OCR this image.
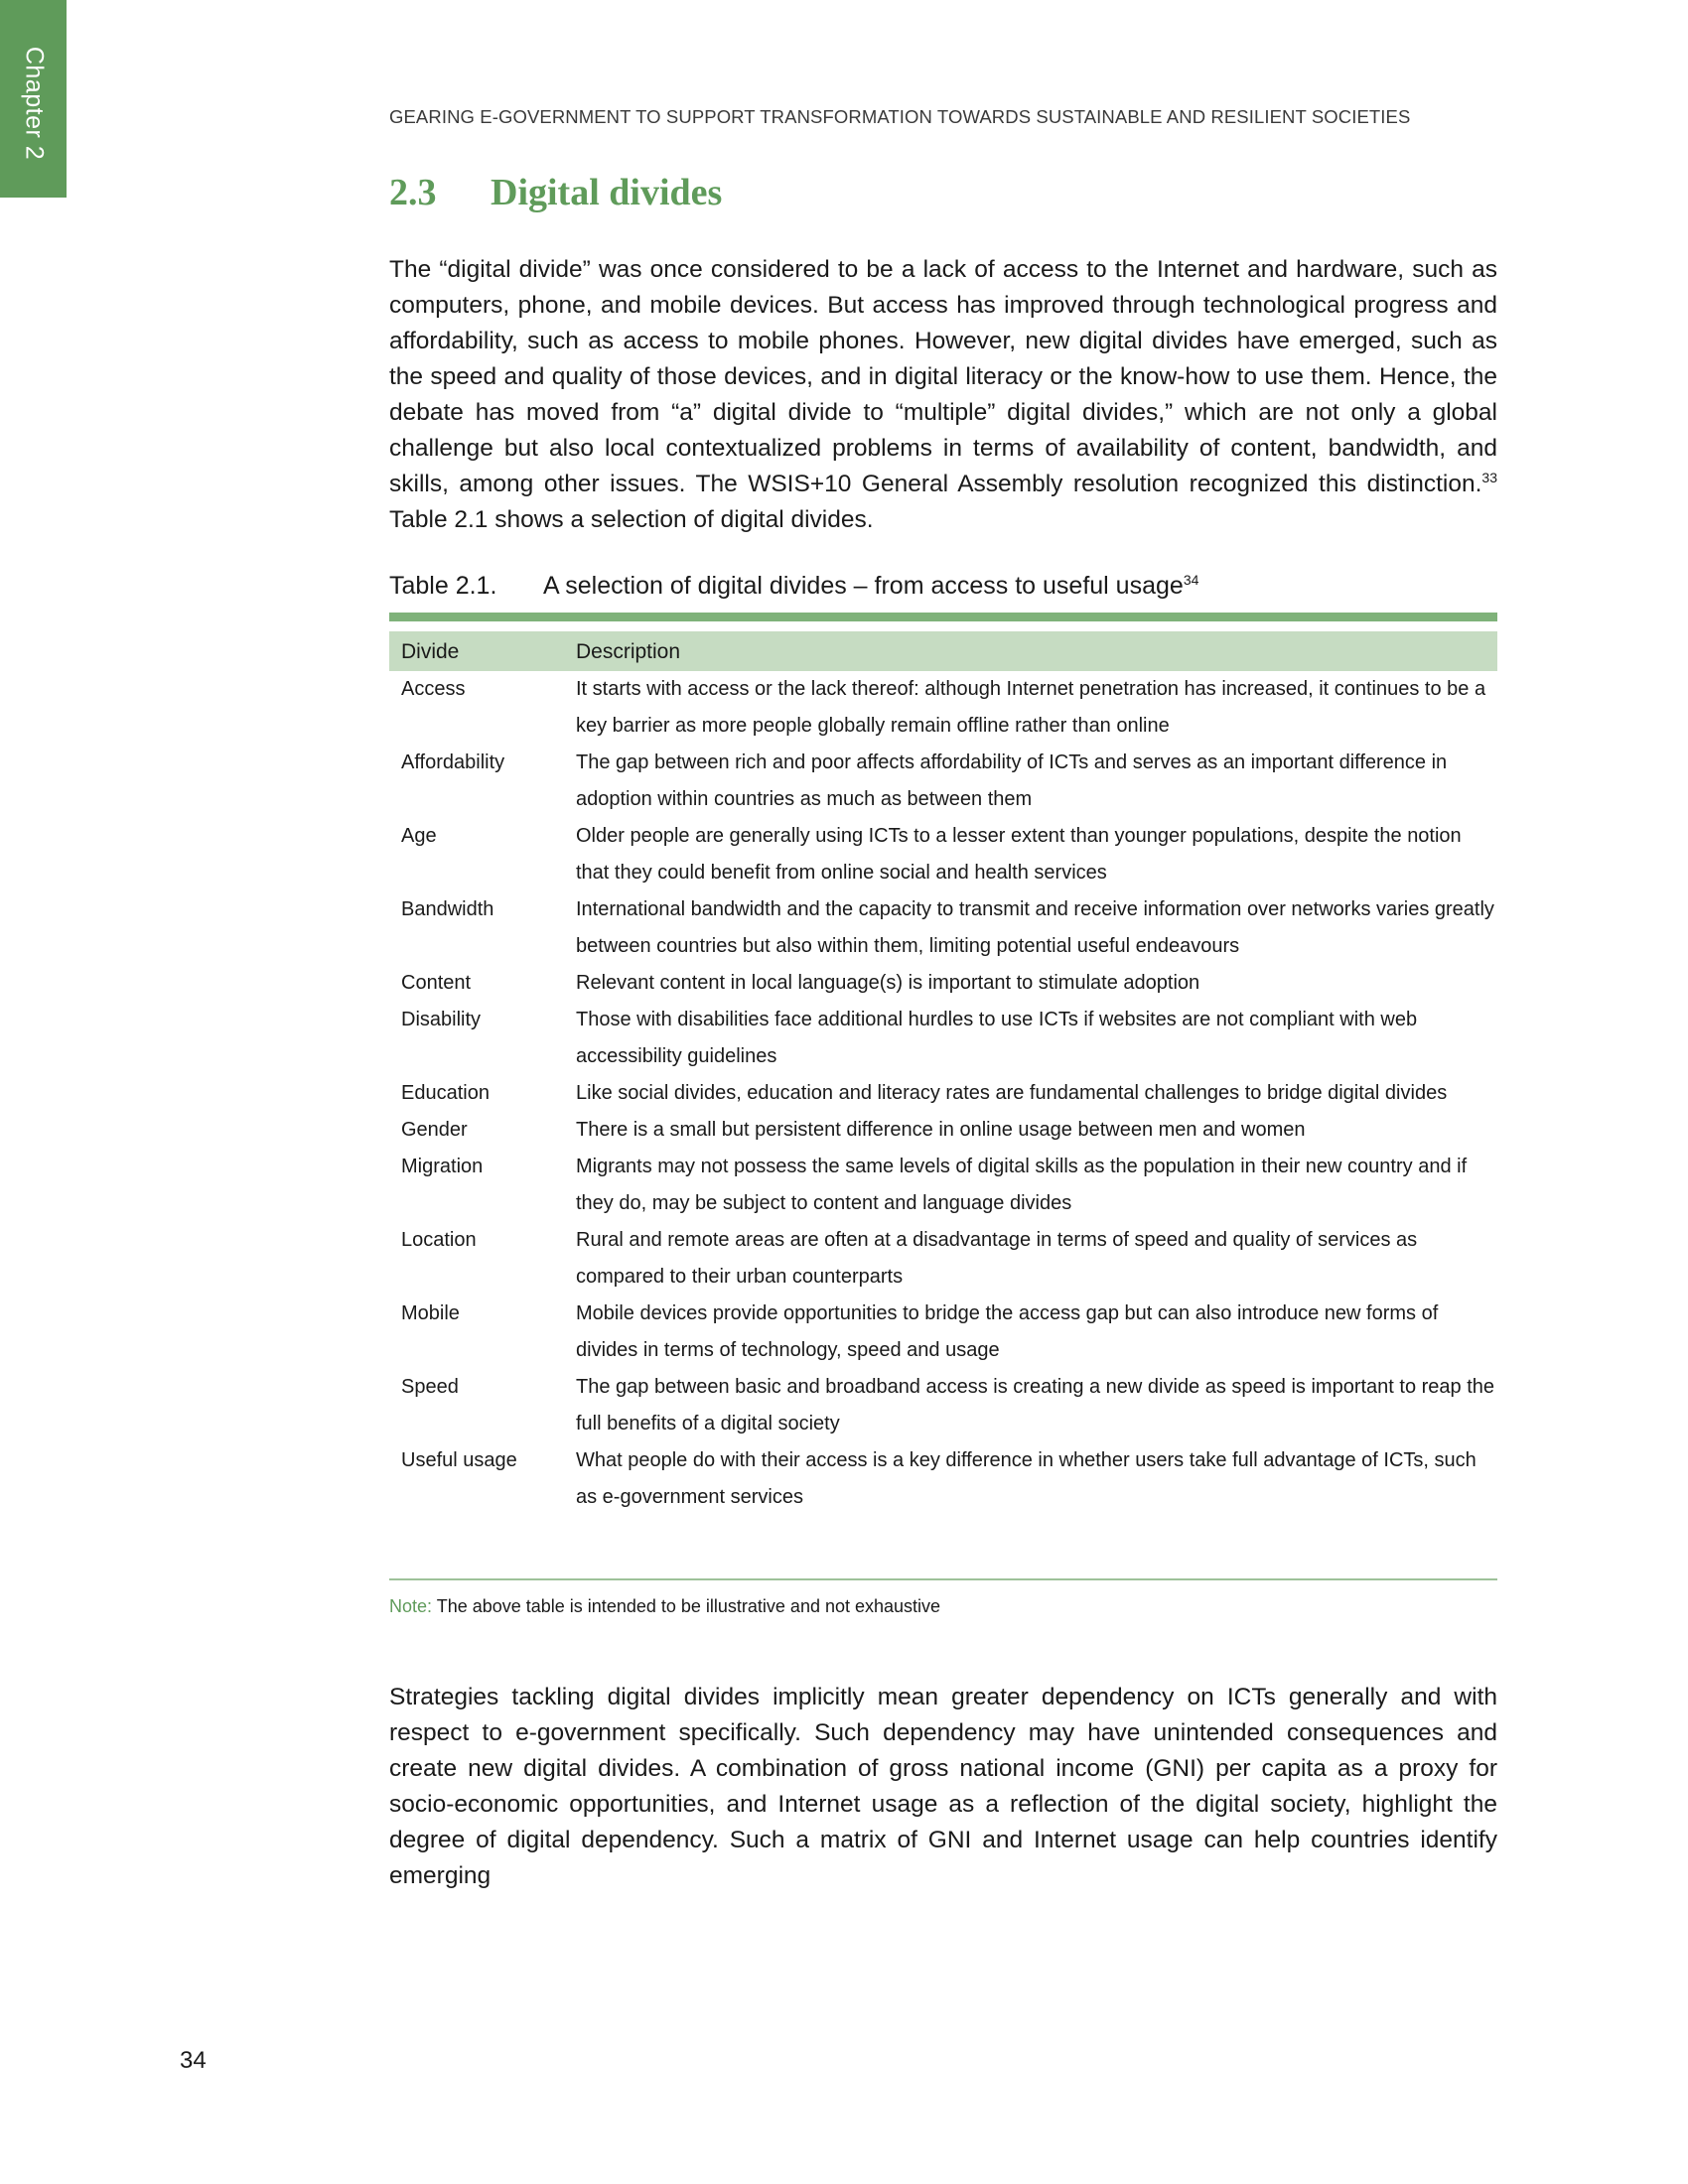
Chapter 2	GEARING E-GOVERNMENT TO SUPPORT TRANSFORMATION TOWARDS SUSTAINABLE AND RESILIENT SOCIETIES
2.3 Digital divides
The “digital divide” was once considered to be a lack of access to the Internet and hardware, such as computers, phone, and mobile devices. But access has improved through technological progress and affordability, such as access to mobile phones. However, new digital divides have emerged, such as the speed and quality of those devices, and in digital literacy or the know-how to use them. Hence, the debate has moved from “a” digital divide to “multiple” digital divides,” which are not only a global challenge but also local contextualized problems in terms of availability of content, bandwidth, and skills, among other issues. The WSIS+10 General Assembly resolution recognized this distinction.$^{33}$ Table 2.1 shows a selection of digital divides.
Table 2.1. A selection of digital divides – from access to useful usage$^{34}$
Divide	Description
Access	It starts with access or the lack thereof: although Internet penetration has increased, it continues to be a key barrier as more people globally remain offline rather than online
Affordability	The gap between rich and poor affects affordability of ICTs and serves as an important difference in adoption within countries as much as between them
Age	Older people are generally using ICTs to a lesser extent than younger populations, despite the notion that they could benefit from online social and health services
Bandwidth	International bandwidth and the capacity to transmit and receive information over networks varies greatly between countries but also within them, limiting potential useful endeavours
Content	Relevant content in local language(s) is important to stimulate adoption
Disability	Those with disabilities face additional hurdles to use ICTs if websites are not compliant with web accessibility guidelines
Education	Like social divides, education and literacy rates are fundamental challenges to bridge digital divides
Gender	There is a small but persistent difference in online usage between men and women
Migration	Migrants may not possess the same levels of digital skills as the population in their new country and if they do, may be subject to content and language divides
Location	Rural and remote areas are often at a disadvantage in terms of speed and quality of services as compared to their urban counterparts
Mobile	Mobile devices provide opportunities to bridge the access gap but can also introduce new forms of divides in terms of technology, speed and usage
Speed	The gap between basic and broadband access is creating a new divide as speed is important to reap the full benefits of a digital society
Useful usage	What people do with their access is a key difference in whether users take full advantage of ICTs, such as e-government services
Note: The above table is intended to be illustrative and not exhaustive
Strategies tackling digital divides implicitly mean greater dependency on ICTs generally and with respect to e-government specifically. Such dependency may have unintended consequences and create new digital divides. A combination of gross national income (GNI) per capita as a proxy for socio-economic opportunities, and Internet usage as a reflection of the digital society, highlight the degree of digital dependency. Such a matrix of GNI and Internet usage can help countries identify emerging
34
